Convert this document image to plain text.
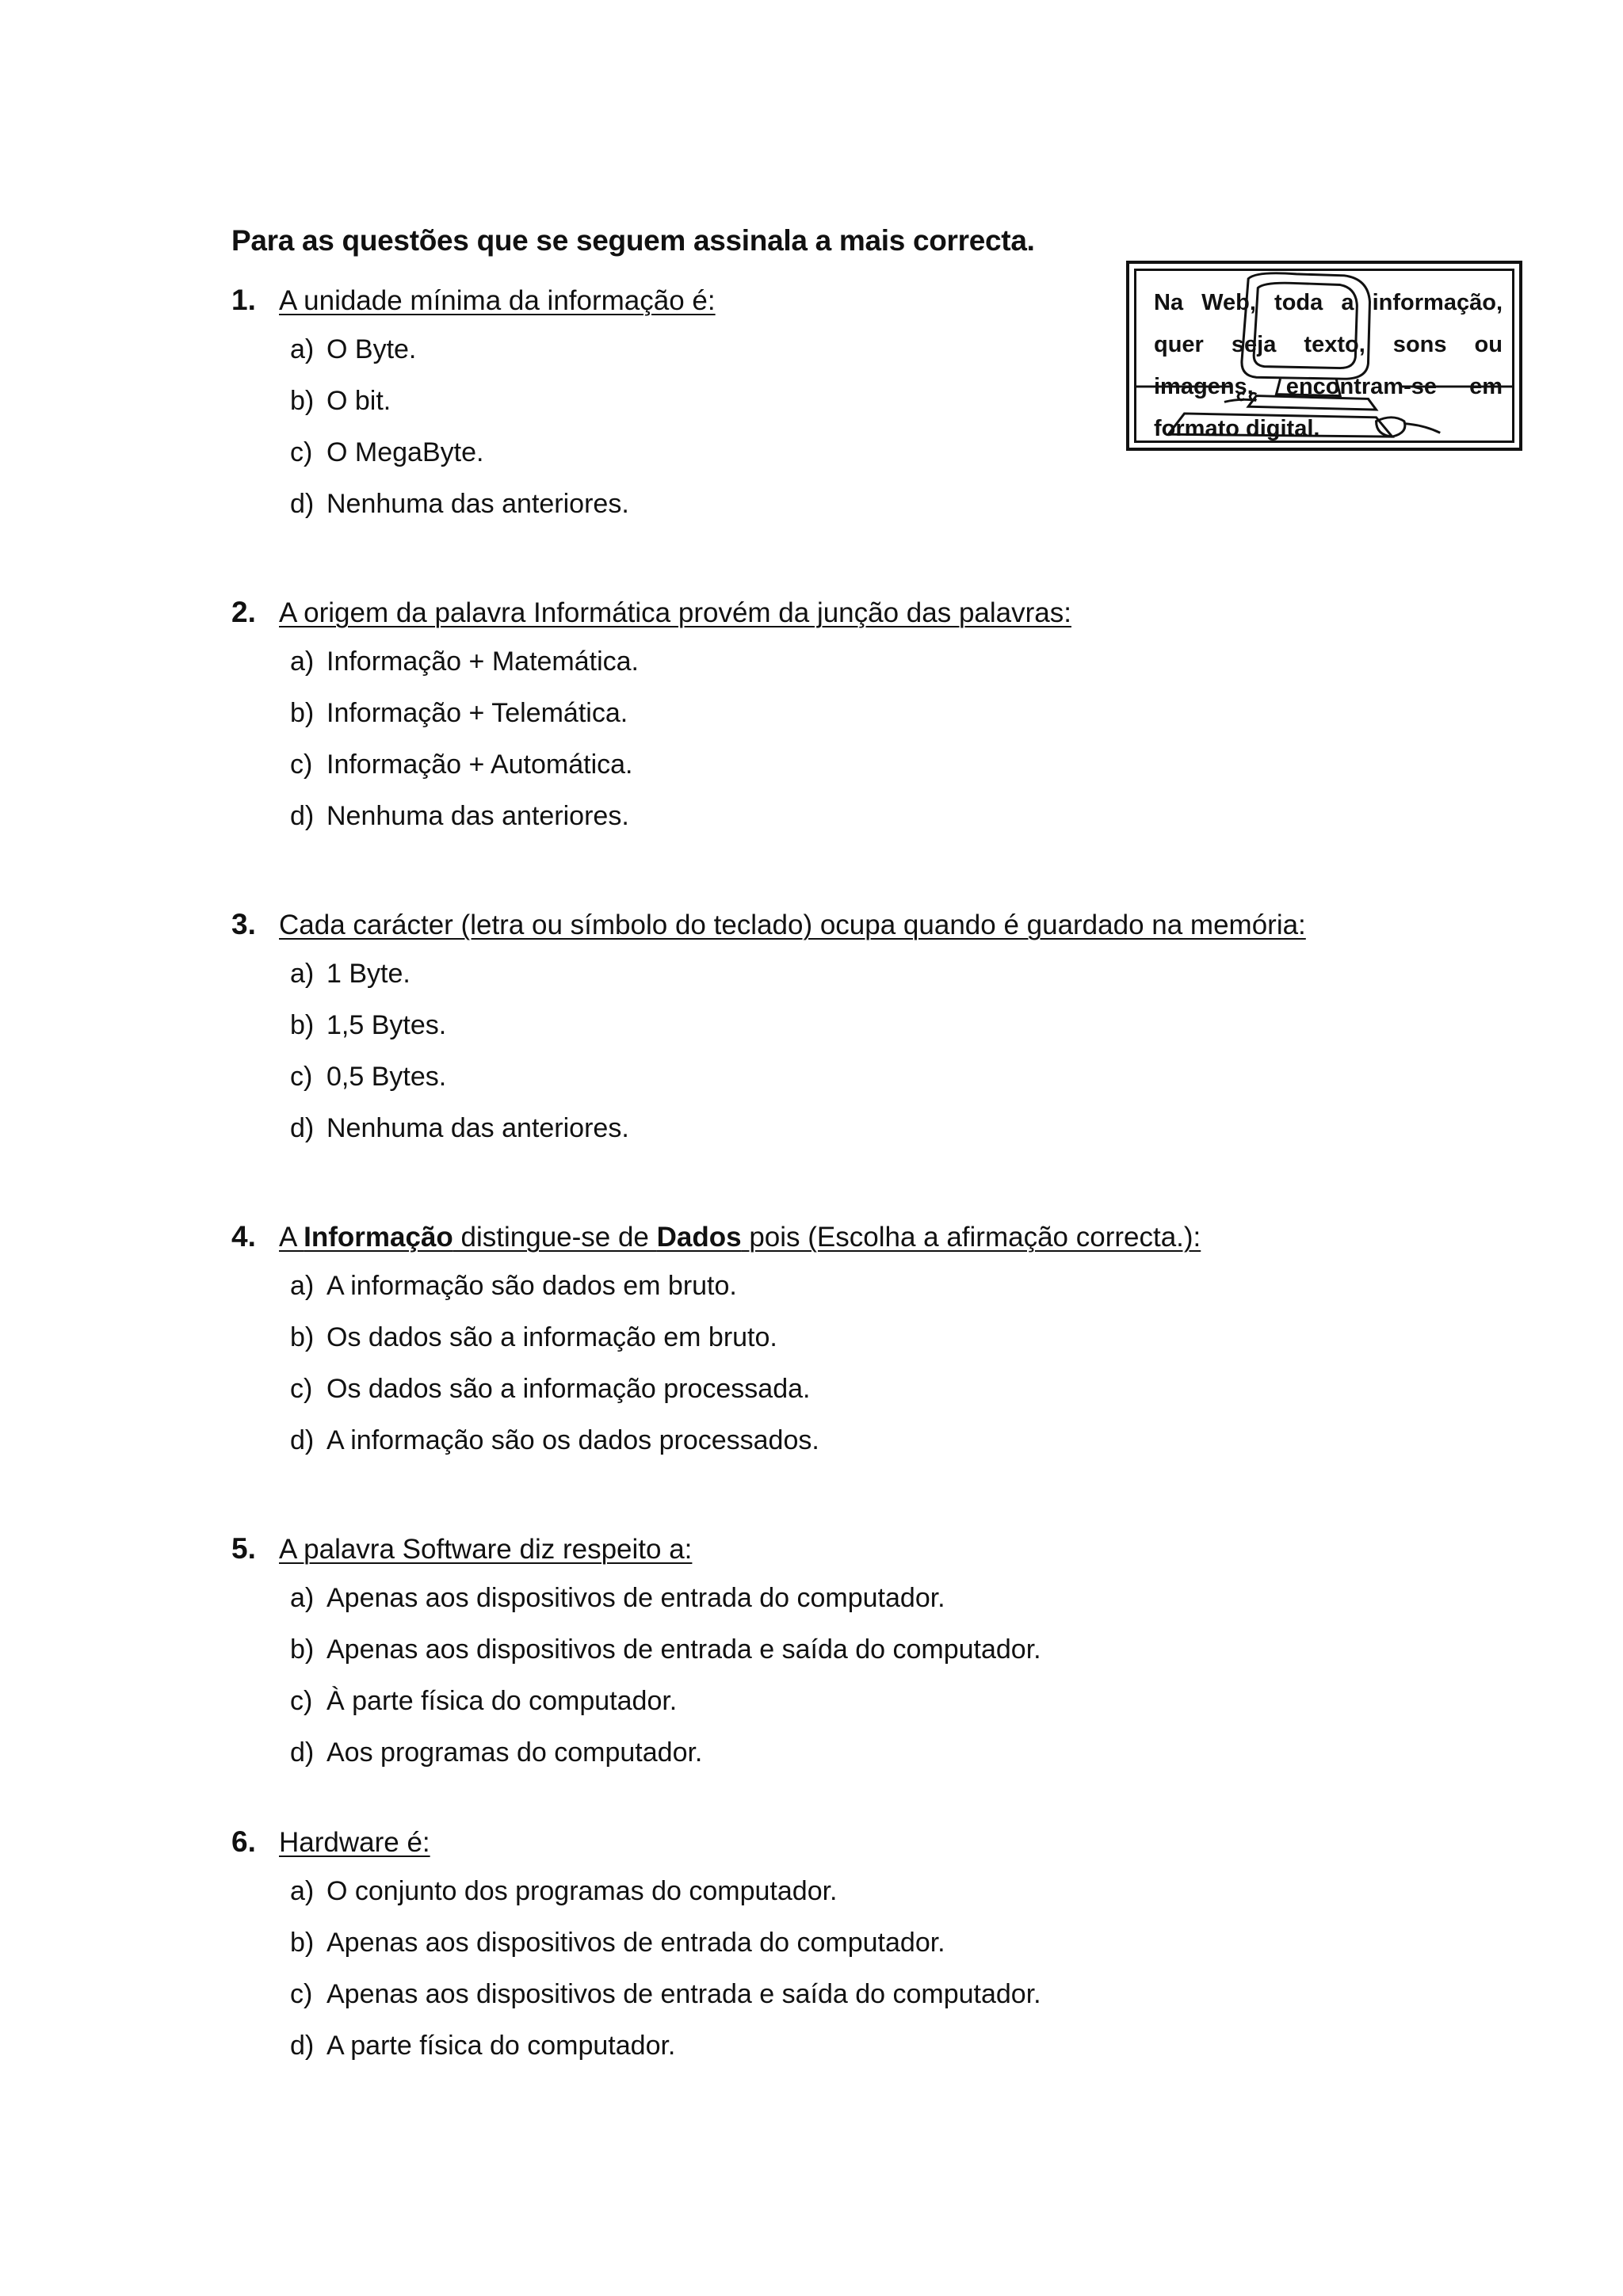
Para as questões que se seguem assinala a mais correcta.

Na Web, toda a informação, quer seja texto, sons ou imagens, encontram-se em formato digital.

1. A unidade mínima da informação é:
a) O Byte.
b) O bit.
c) O MegaByte.
d) Nenhuma das anteriores.
2. A origem da palavra Informática provém da junção das palavras:
a) Informação + Matemática.
b) Informação + Telemática.
c) Informação + Automática.
d) Nenhuma das anteriores.
3. Cada carácter (letra ou símbolo do teclado) ocupa quando é guardado na memória:
a) 1 Byte.
b) 1,5 Bytes.
c) 0,5 Bytes.
d) Nenhuma das anteriores.
4. A Informação distingue-se de Dados pois (Escolha a afirmação correcta.):
a) A informação são dados em bruto.
b) Os dados são a informação em bruto.
c) Os dados são a informação processada.
d) A informação são os dados processados.
5. A palavra Software diz respeito a:
a) Apenas aos dispositivos de entrada do computador.
b) Apenas aos dispositivos de entrada e saída do computador.
c) À parte física do computador.
d) Aos programas do computador.
6. Hardware é:
a) O conjunto dos programas do computador.
b) Apenas aos dispositivos de entrada do computador.
c) Apenas aos dispositivos de entrada e saída do computador.
d) A parte física do computador.
